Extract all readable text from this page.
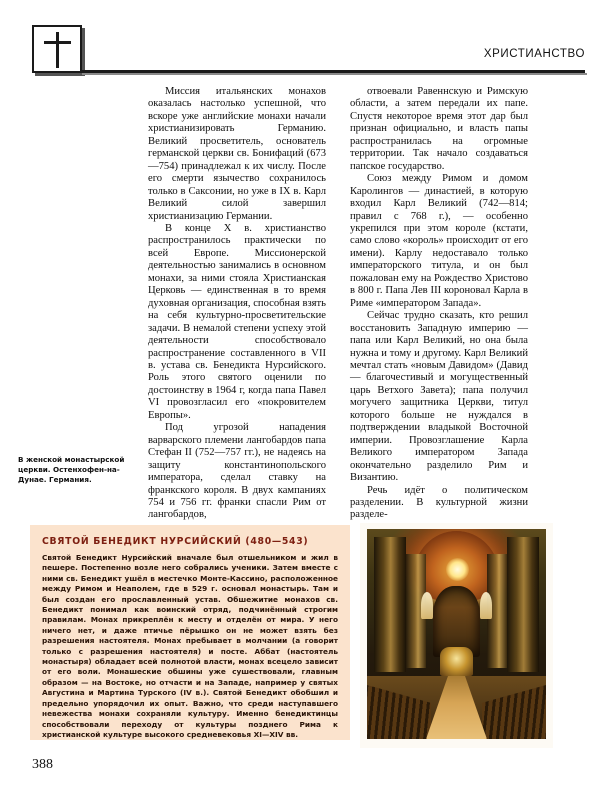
ХРИСТИАНСТВО

Миссия итальянских монахов оказалась настолько успешной, что вскоре уже английские монахи начали христианизировать Германию. Великий просветитель, основатель германской церкви св. Бонифаций (673—754) принадлежал к их числу. После его смерти язычество сохранилось только в Саксонии, но уже в IX в. Карл Великий силой завершил христианизацию Германии.

В конце X в. христианство распространилось практически по всей Европе. Миссионерской деятельностью занимались в основном монахи, за ними стояла Христианская Церковь — единственная в то время духовная организация, способная взять на себя культурно-просветительские задачи. В немалой степени успеху этой деятельности способствовало распространение составленного в VII в. устава св. Бенедикта Нурсийского. Роль этого святого оценили по достоинству в 1964 г, когда папа Павел VI провозгласил его «покровителем Европы».

Под угрозой нападения варварского племени лангобардов папа Стефан II (752—757 гг.), не надеясь на защиту константинопольского императора, сделал ставку на франкского короля. В двух кампаниях 754 и 756 гг. франки спасли Рим от лангобардов,

отвоевали Равеннскую и Римскую области, а затем передали их папе. Спустя некоторое время этот дар был признан официально, и власть папы распространилась на огромные территории. Так начало создаваться папское государство.

Союз между Римом и домом Каролингов — династией, в которую входил Карл Великий (742—814; правил с 768 г.), — особенно укрепился при этом короле (кстати, само слово «король» происходит от его имени). Карлу недоставало только императорского титула, и он был пожалован ему на Рождество Христово в 800 г. Папа Лев III короновал Карла в Риме «императором Запада».

Сейчас трудно сказать, кто решил восстановить Западную империю — папа или Карл Великий, но она была нужна и тому и другому. Карл Великий мечтал стать «новым Давидом» (Давид — благочестивый и могущественный царь Ветхого Завета); папа получил могучего защитника Церкви, титул которого больше не нуждался в подтверждении владыкой Восточной империи. Провозглашение Карла Великого императором Запада окончательно разделило Рим и Византию.

Речь идёт о политическом разделении. В культурной жизни разделе-

В женской монастырской церкви. Остенхофен-на-Дунае. Германия.
СВЯТОЙ БЕНЕДИКТ НУРСИЙСКИЙ (480—543)
Святой Бенедикт Нурсийский вначале был отшельником и жил в пешере. Постепенно возле него собрались ученики. Затем вместе с ними св. Бенедикт ушёл в местечко Монте-Кассино, расположенное между Римом и Неаполем, где в 529 г. основал монастырь. Там и был создан его прославленный устав. Обшежитие монахов св. Бенедикт понимал как воинский отряд, подчинённый строгим правилам. Монах прикреплён к месту и отделён от мира. У него ничего нет, и даже птичье пёрышко он не может взять без разрешения настоятеля. Монах пребывает в молчании (а говорит только с разрешения настоятеля) и посте. Аббат (настоятель монастыря) обладает всей полнотой власти, монах всецело зависит от его воли. Монашеские обшины уже сушествовали, главным образом — на Востоке, но отчасти и на Западе, например у святых Августина и Мартина Турского (IV в.). Святой Бенедикт обобшил и предельно упорядочил их опыт. Важно, что среди наступавшего невежества монахи сохраняли культуру. Именно бенедиктинцы способствовали переходу от культуры позднего Рима к христианской культуре высокого средневековья XI—XIV вв.
388
